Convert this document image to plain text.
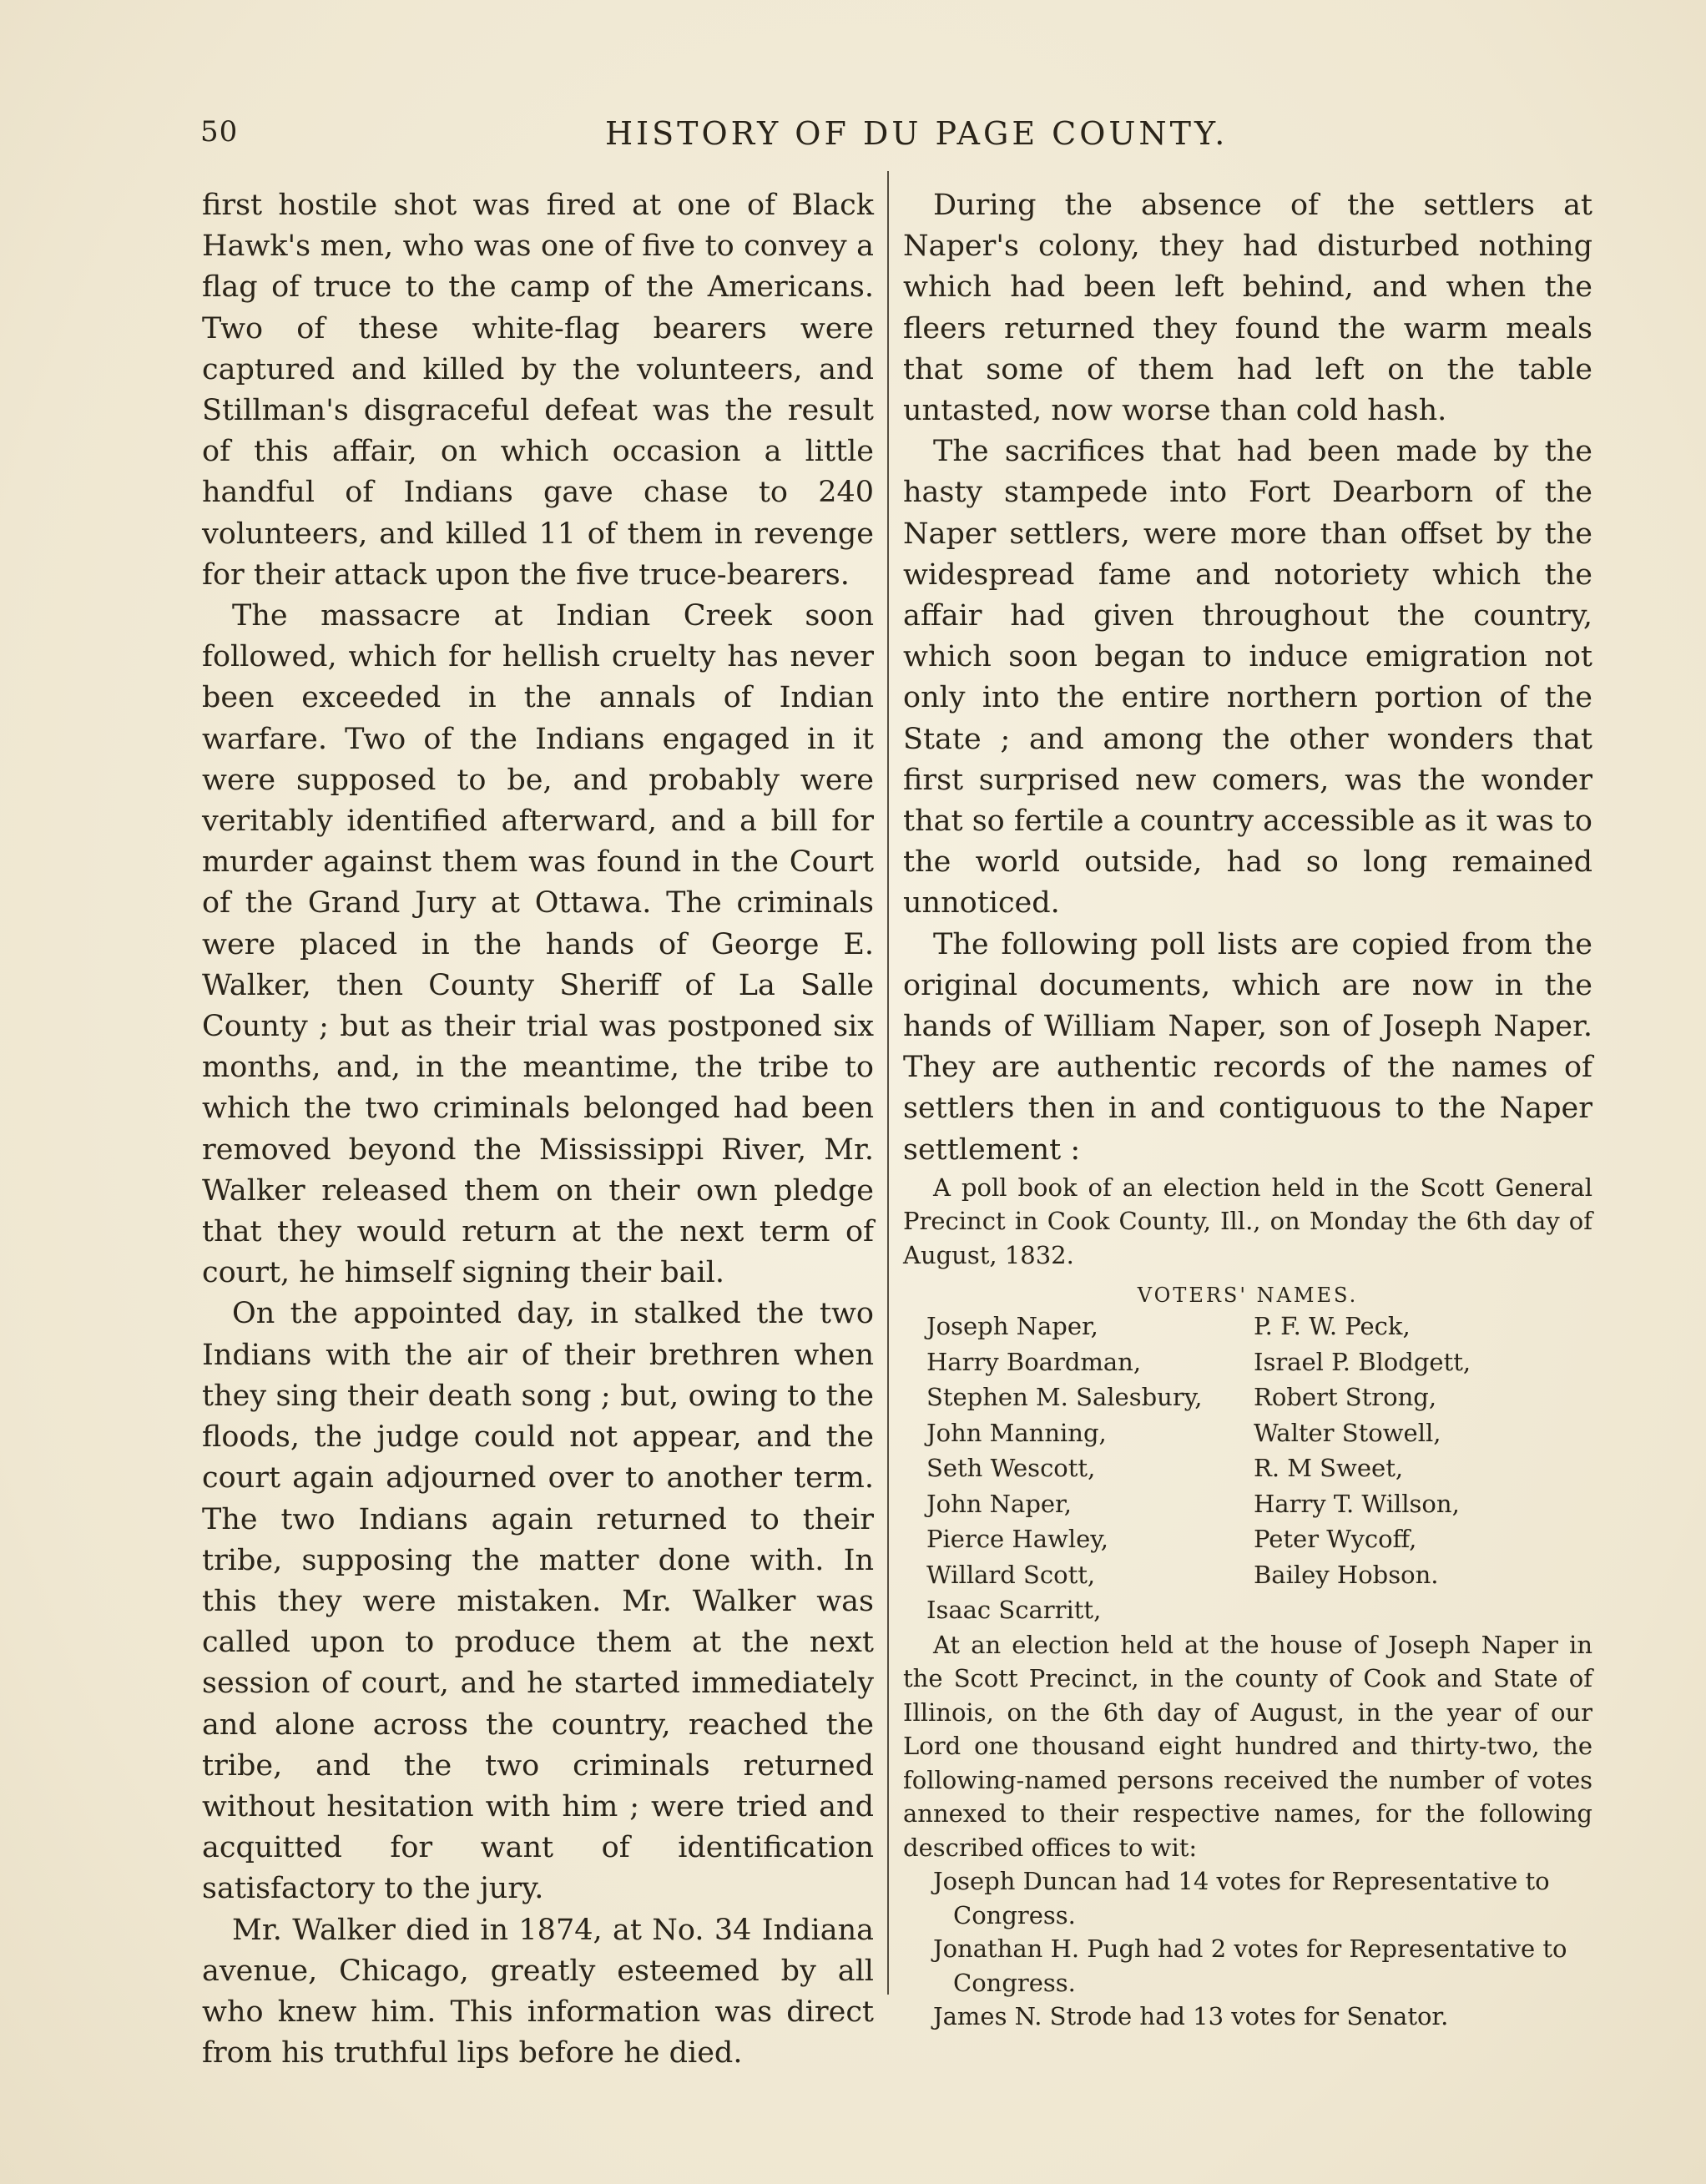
50	HISTORY OF DU PAGE COUNTY.

first hostile shot was fired at one of Black Hawk's men, who was one of five to convey a flag of truce to the camp of the Americans. Two of these white-flag bearers were captured and killed by the volunteers, and Stillman's disgraceful defeat was the result of this affair, on which occasion a little handful of Indians gave chase to 240 volunteers, and killed 11 of them in revenge for their attack upon the five truce-bearers.

The massacre at Indian Creek soon followed, which for hellish cruelty has never been exceeded in the annals of Indian warfare. Two of the Indians engaged in it were supposed to be, and probably were veritably identified afterward, and a bill for murder against them was found in the Court of the Grand Jury at Ottawa. The criminals were placed in the hands of George E. Walker, then County Sheriff of La Salle County ; but as their trial was postponed six months, and, in the meantime, the tribe to which the two criminals belonged had been removed beyond the Mississippi River, Mr. Walker released them on their own pledge that they would return at the next term of court, he himself signing their bail.

On the appointed day, in stalked the two Indians with the air of their brethren when they sing their death song ; but, owing to the floods, the judge could not appear, and the court again adjourned over to another term. The two Indians again returned to their tribe, supposing the matter done with. In this they were mistaken. Mr. Walker was called upon to produce them at the next session of court, and he started immediately and alone across the country, reached the tribe, and the two criminals returned without hesitation with him ; were tried and acquitted for want of identification satisfactory to the jury.

Mr. Walker died in 1874, at No. 34 Indiana avenue, Chicago, greatly esteemed by all who knew him. This information was direct from his truthful lips before he died.

During the absence of the settlers at Naper's colony, they had disturbed nothing which had been left behind, and when the fleers returned they found the warm meals that some of them had left on the table untasted, now worse than cold hash.

The sacrifices that had been made by the hasty stampede into Fort Dearborn of the Naper settlers, were more than offset by the widespread fame and notoriety which the affair had given throughout the country, which soon began to induce emigration not only into the entire northern portion of the State ; and among the other wonders that first surprised new comers, was the wonder that so fertile a country accessible as it was to the world outside, had so long remained unnoticed.

The following poll lists are copied from the original documents, which are now in the hands of William Naper, son of Joseph Naper. They are authentic records of the names of settlers then in and contiguous to the Naper settlement :

A poll book of an election held in the Scott General Precinct in Cook County, Ill., on Monday the 6th day of August, 1832.

VOTERS' NAMES.
Joseph Naper,
Harry Boardman,
Stephen M. Salesbury,
John Manning,
Seth Wescott,
John Naper,
Pierce Hawley,
Willard Scott,
Isaac Scarritt,
P. F. W. Peck,
Israel P. Blodgett,
Robert Strong,
Walter Stowell,
R. M Sweet,
Harry T. Willson,
Peter Wycoff,
Bailey Hobson.

At an election held at the house of Joseph Naper in the Scott Precinct, in the county of Cook and State of Illinois, on the 6th day of August, in the year of our Lord one thousand eight hundred and thirty-two, the following-named persons received the number of votes annexed to their respective names, for the following described offices to wit:

Joseph Duncan had 14 votes for Representative to Congress.

Jonathan H. Pugh had 2 votes for Representative to Congress.

James N. Strode had 13 votes for Senator.
